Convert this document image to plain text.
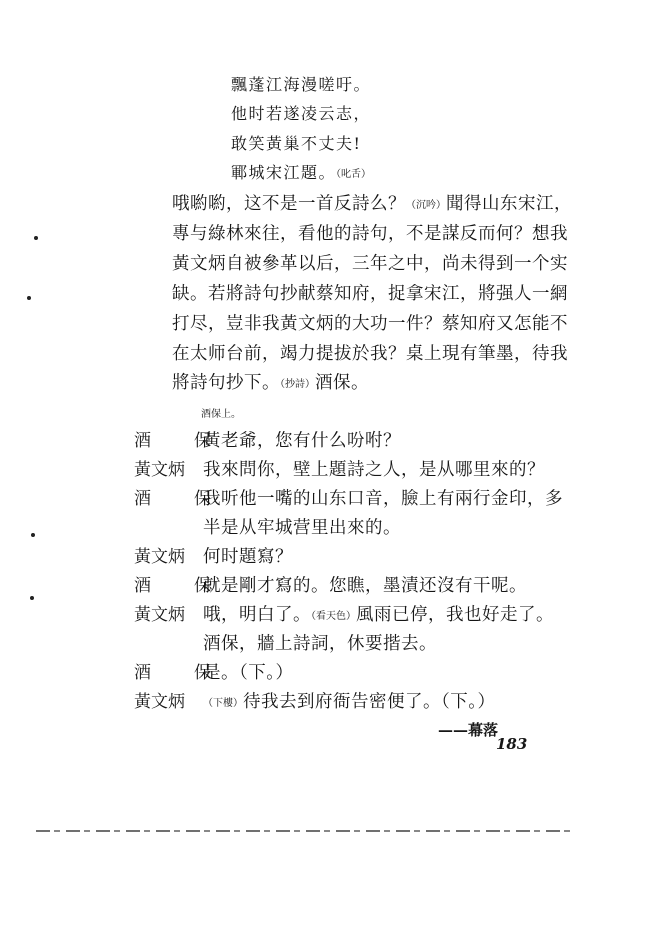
飄蓬江海漫嗟吁。
他时若遂凌云志，
敢笑黃巢不丈夫!
鄆城宋江題。（叱舌）
哦喲喲，这不是一首反詩么？（沉吟）聞得山东宋江，
專与綠林來往，看他的詩句，不是謀反而何？想我
黃文炳自被參革以后，三年之中，尚未得到一个实
缺。若將詩句抄献蔡知府，捉拿宋江，將强人一網
打尽，豈非我黃文炳的大功一件？蔡知府又怎能不
在太师台前，竭力提拔於我？桌上現有筆墨，待我
將詩句抄下。（抄詩）酒保。
酒保上。
酒　保
黃老爺，您有什么吩咐？
黃文炳 我來問你，壁上題詩之人，是从哪里來的？
酒　保
我听他一嘴的山东口音，臉上有兩行金印，多
半是从牢城营里出來的。
黃文炳 何时題寫？
酒　保
就是剛才寫的。您瞧，墨漬还沒有干呢。
黃文炳 哦，明白了。（看天色）風雨已停，我也好走了。
酒保，牆上詩詞，休要揩去。
酒　保
是。（下。）
黃文炳 （下樓）待我去到府衙告密便了。（下。）
——幕落
183
